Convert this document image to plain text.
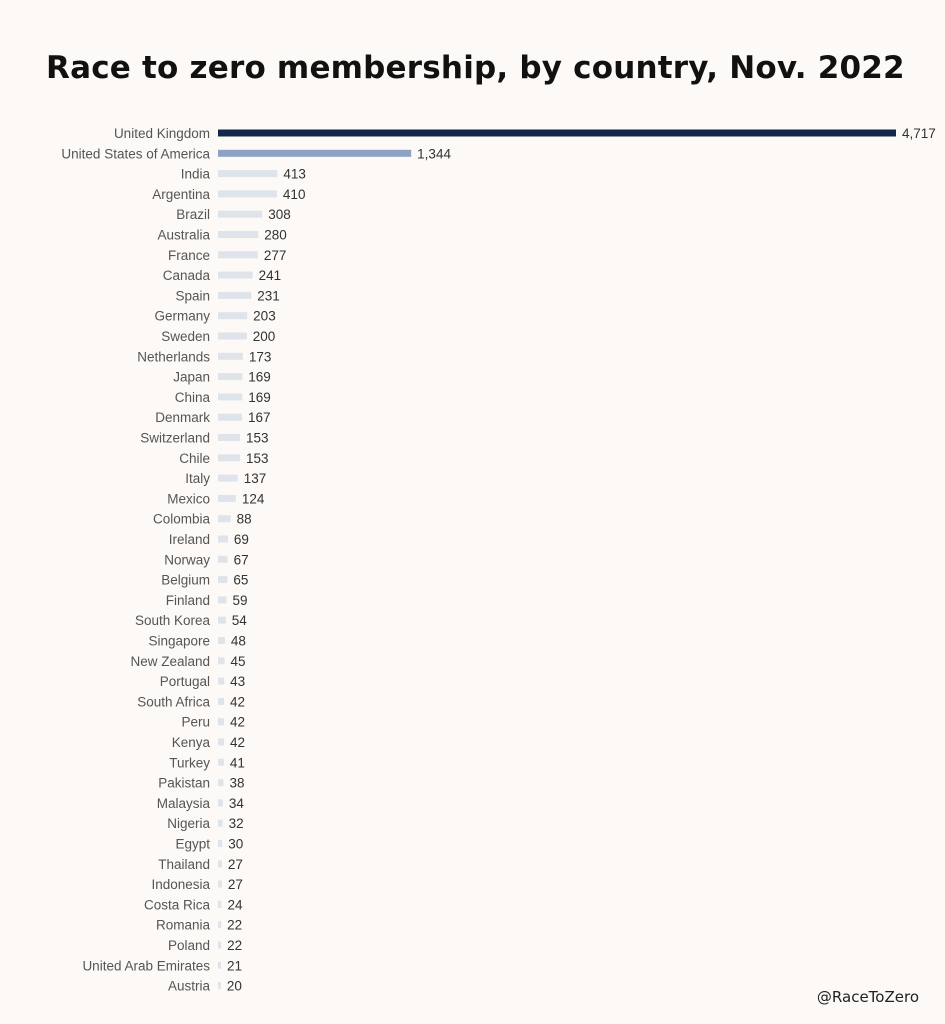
Race to zero membership, by country, Nov. 2022
United Kingdom	4,717
United States of America	1,344
India	413
Argentina	410
Brazil	308
Australia	280
France	277
Canada	241
Spain	231
Germany	203
Sweden	200
Netherlands	173
Japan	169
China	169
Denmark	167
Switzerland	153
Chile	153
Italy 137
Mexico 124
Colombia 88
Ireland 69
Norway 67
Belgium 65
Finland 59
South Korea 54
Singapore 48
New Zealand 45
Portugal 43
South Africa 42
Peru 42
Kenya 42
Turkey 41
Pakistan 38
Malaysia 34
Nigeria 32
Egypt 30
Thailand 27
Indonesia 27
Costa Rica 24
Romania 22
Poland 22
United Arab Emirates 21
Austria 20
@RaceToZero
